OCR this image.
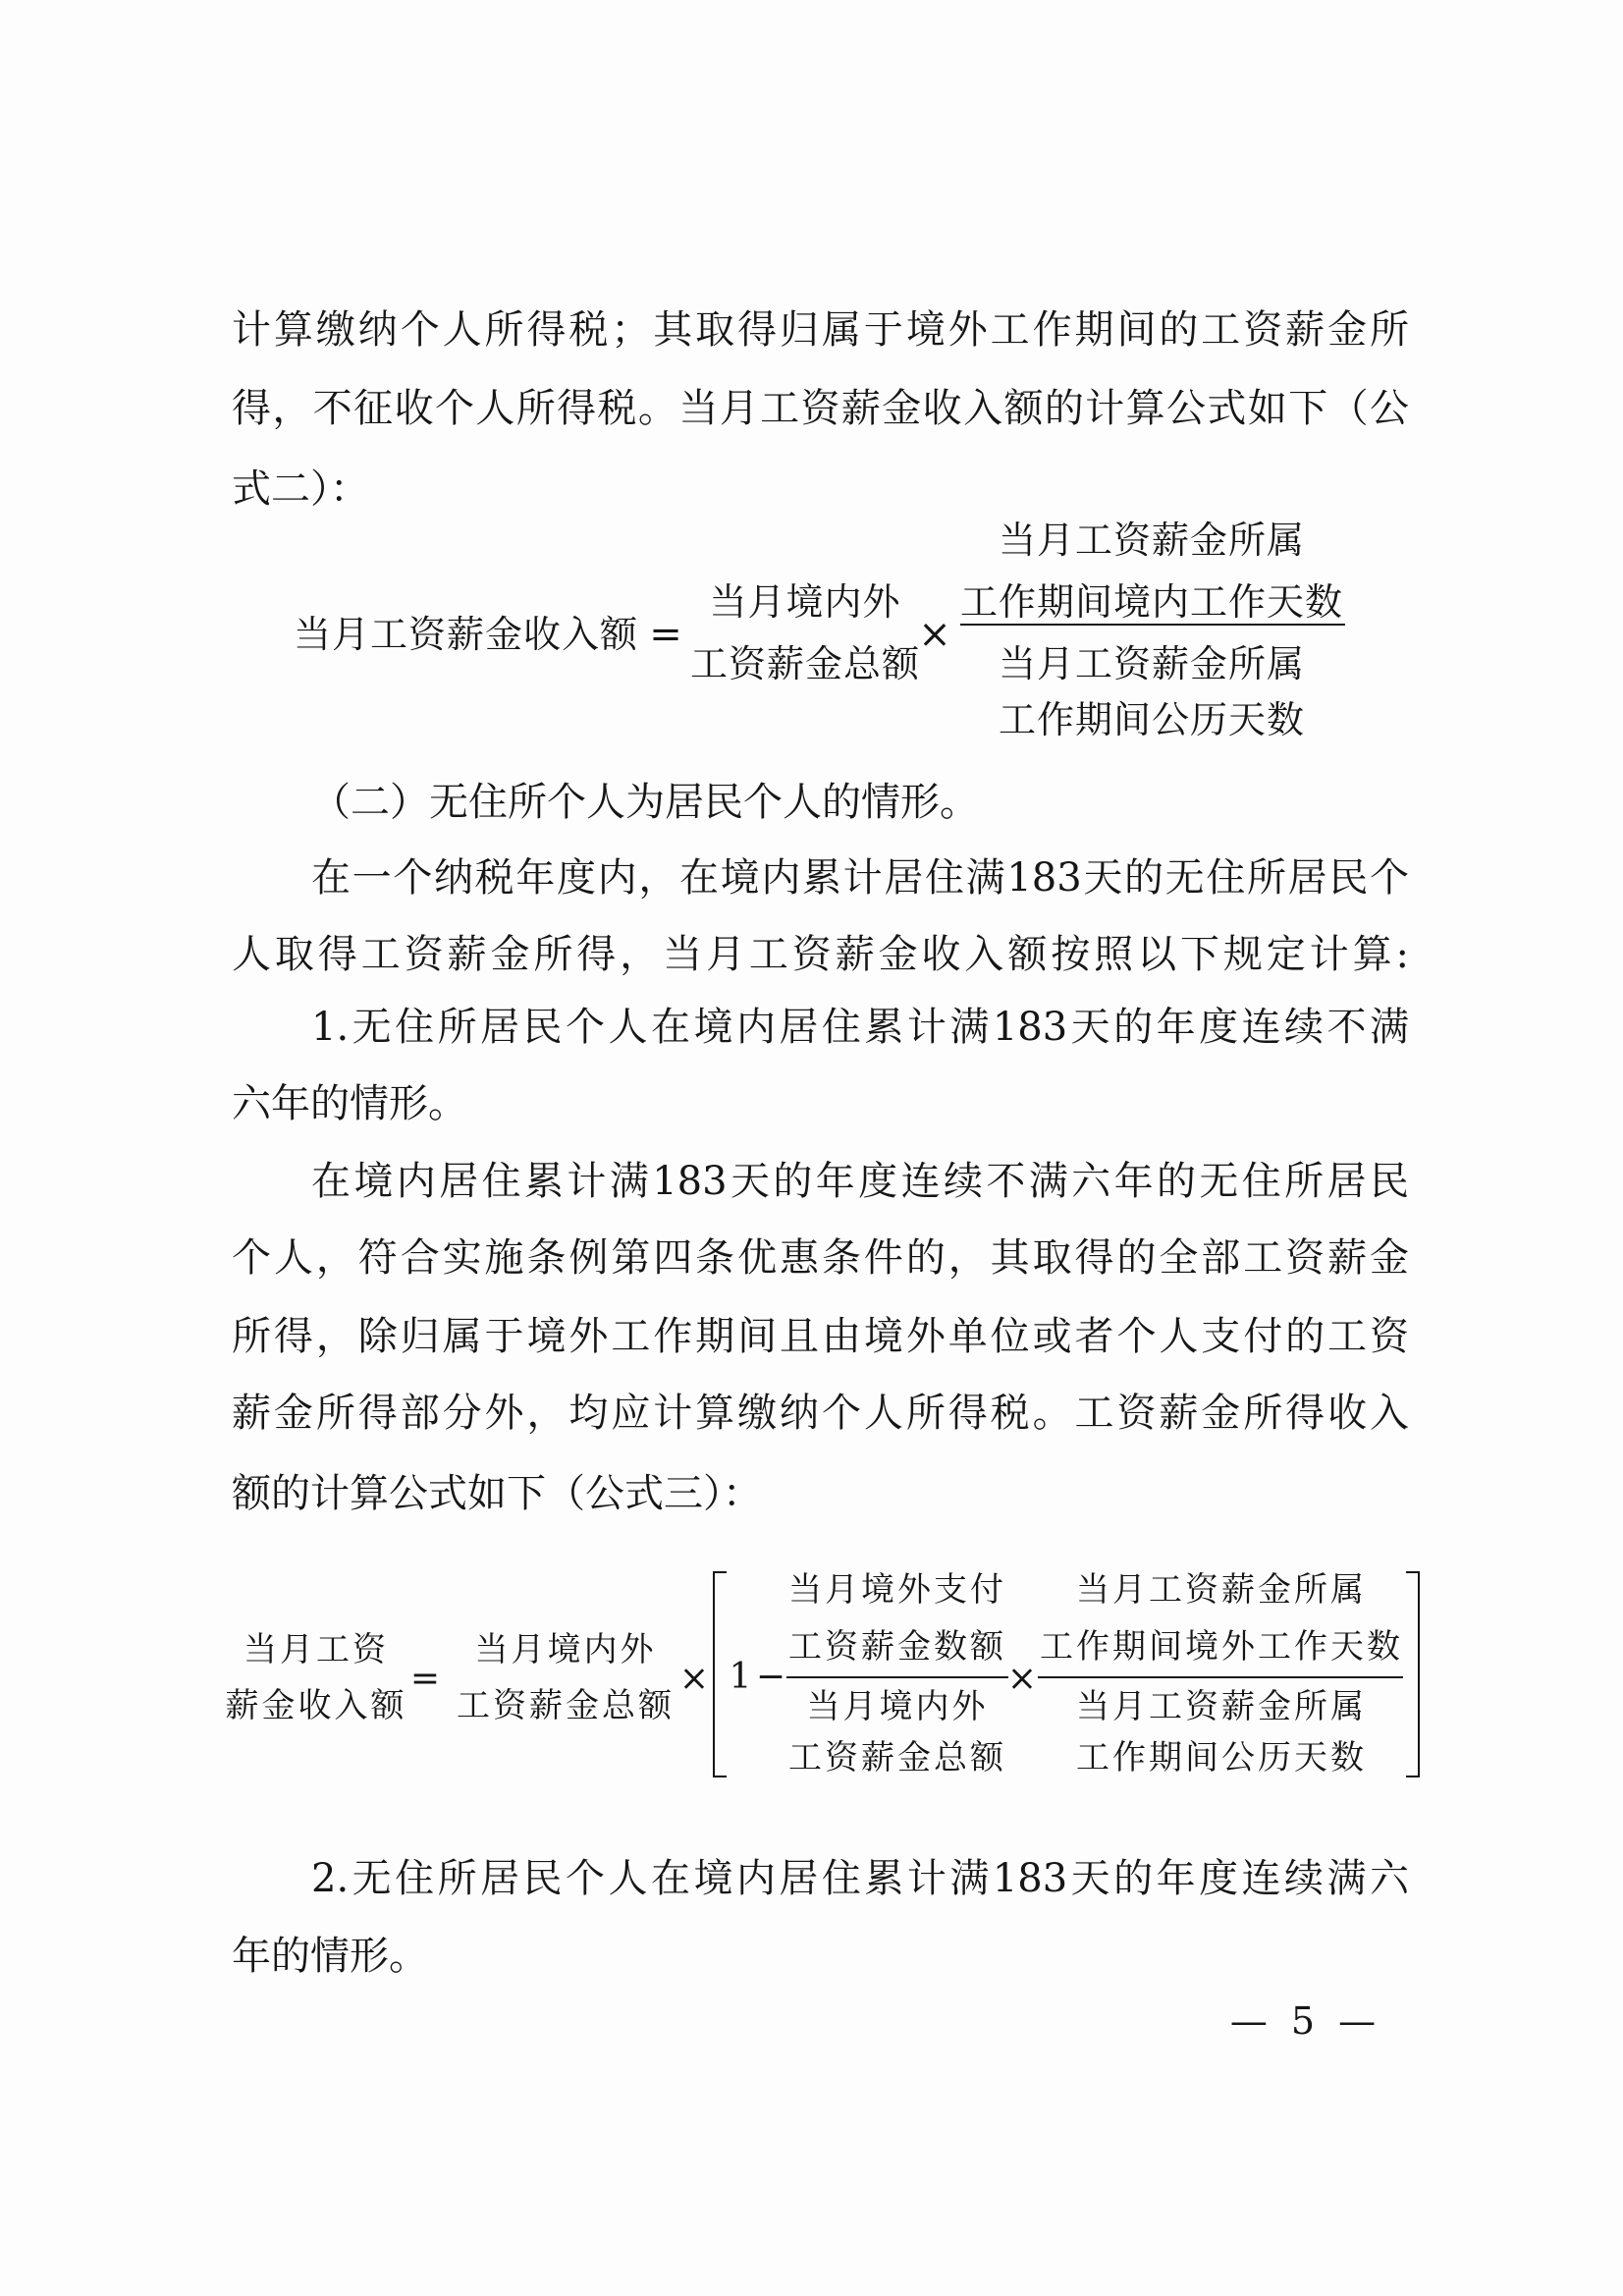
计算缴纳个人所得税；其取得归属于境外工作期间的工资薪金所
得，不征收个人所得税。当月工资薪金收入额的计算公式如下（公
式二）：
当月工资薪金收入额 =
当月境内外
工资薪金总额
×
当月工资薪金所属
工作期间境内工作天数
当月工资薪金所属
工作期间公历天数
（二）无住所个人为居民个人的情形。
在一个纳税年度内，在境内累计居住满183天的无住所居民个
人取得工资薪金所得，当月工资薪金收入额按照以下规定计算:
1.无住所居民个人在境内居住累计满183天的年度连续不满
六年的情形。
在境内居住累计满183天的年度连续不满六年的无住所居民
个人，符合实施条例第四条优惠条件的，其取得的全部工资薪金
所得，除归属于境外工作期间且由境外单位或者个人支付的工资
薪金所得部分外，均应计算缴纳个人所得税。工资薪金所得收入
额的计算公式如下（公式三）：
当月工资
薪金收入额
=
当月境内外
工资薪金总额
× 1 −
当月境外支付
工资薪金数额
当月境内外
工资薪金总额
×
当月工资薪金所属
工作期间境外工作天数
当月工资薪金所属
工作期间公历天数
2.无住所居民个人在境内居住累计满183天的年度连续满六
年的情形。
— 5 —
